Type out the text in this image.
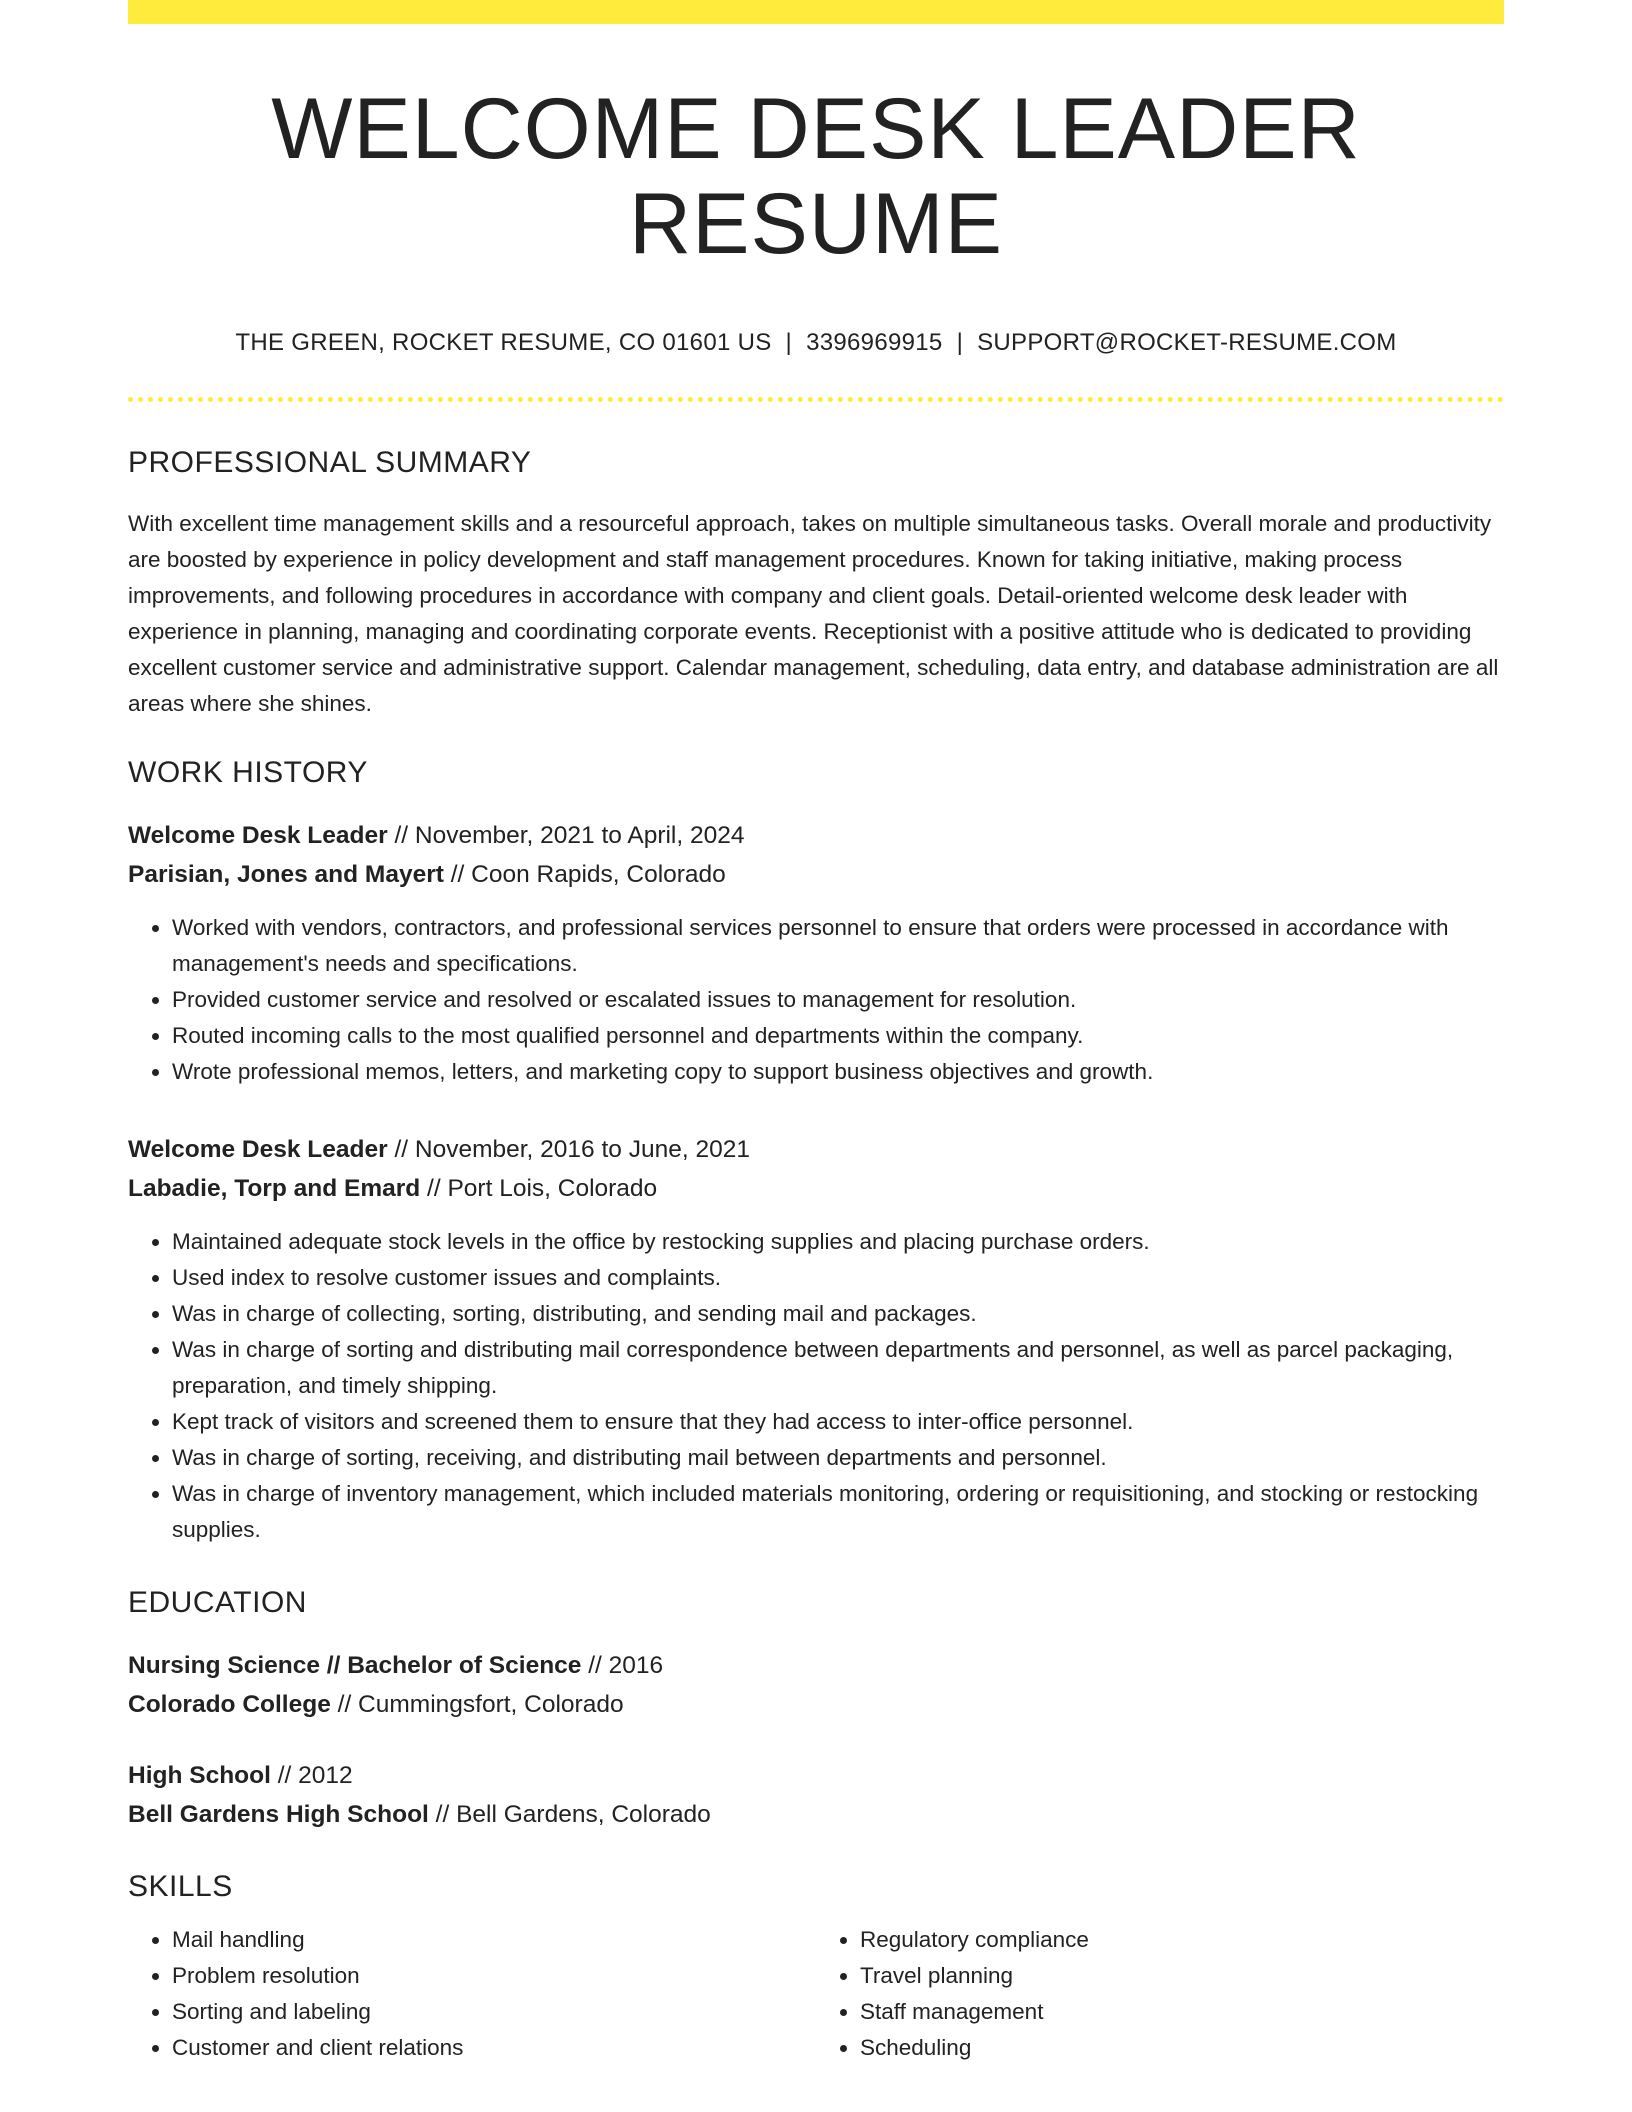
WELCOME DESK LEADER RESUME
THE GREEN, ROCKET RESUME, CO 01601 US | 3396969915 | SUPPORT@ROCKET-RESUME.COM
PROFESSIONAL SUMMARY
With excellent time management skills and a resourceful approach, takes on multiple simultaneous tasks. Overall morale and productivity are boosted by experience in policy development and staff management procedures. Known for taking initiative, making process improvements, and following procedures in accordance with company and client goals. Detail-oriented welcome desk leader with experience in planning, managing and coordinating corporate events. Receptionist with a positive attitude who is dedicated to providing excellent customer service and administrative support. Calendar management, scheduling, data entry, and database administration are all areas where she shines.
WORK HISTORY
Welcome Desk Leader // November, 2021 to April, 2024
Parisian, Jones and Mayert // Coon Rapids, Colorado
• Worked with vendors, contractors, and professional services personnel to ensure that orders were processed in accordance with management's needs and specifications.
• Provided customer service and resolved or escalated issues to management for resolution.
• Routed incoming calls to the most qualified personnel and departments within the company.
• Wrote professional memos, letters, and marketing copy to support business objectives and growth.
Welcome Desk Leader // November, 2016 to June, 2021
Labadie, Torp and Emard // Port Lois, Colorado
• Maintained adequate stock levels in the office by restocking supplies and placing purchase orders.
• Used index to resolve customer issues and complaints.
• Was in charge of collecting, sorting, distributing, and sending mail and packages.
• Was in charge of sorting and distributing mail correspondence between departments and personnel, as well as parcel packaging, preparation, and timely shipping.
• Kept track of visitors and screened them to ensure that they had access to inter-office personnel.
• Was in charge of sorting, receiving, and distributing mail between departments and personnel.
• Was in charge of inventory management, which included materials monitoring, ordering or requisitioning, and stocking or restocking supplies.
EDUCATION
Nursing Science // Bachelor of Science // 2016
Colorado College // Cummingsfort, Colorado
High School // 2012
Bell Gardens High School // Bell Gardens, Colorado
SKILLS
• Mail handling
• Problem resolution
• Sorting and labeling
• Customer and client relations
• Regulatory compliance
• Travel planning
• Staff management
• Scheduling
